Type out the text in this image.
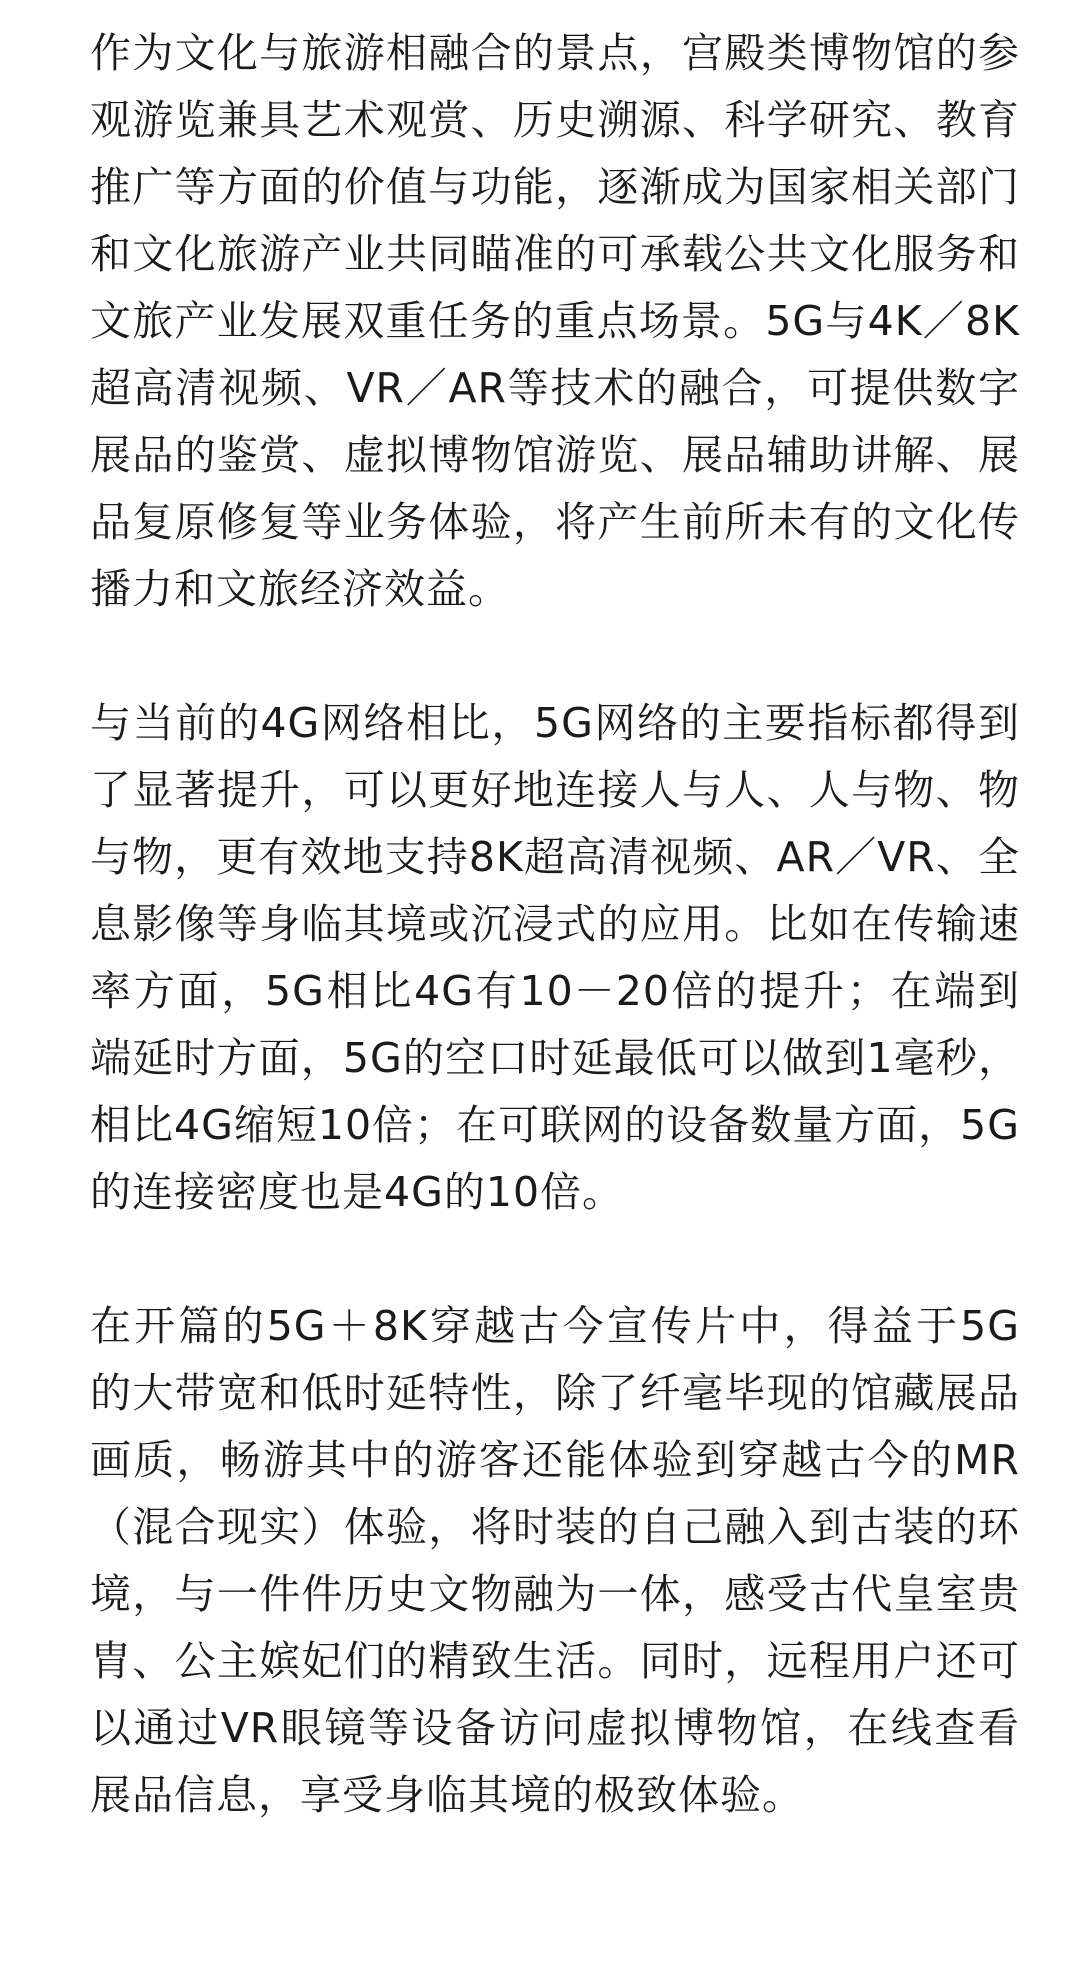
作为文化与旅游相融合的景点，宫殿类博物馆的参观游览兼具艺术观赏、历史溯源、科学研究、教育推广等方面的价值与功能，逐渐成为国家相关部门和文化旅游产业共同瞄准的可承载公共文化服务和文旅产业发展双重任务的重点场景。5G与4K／8K超高清视频、VR／AR等技术的融合，可提供数字展品的鉴赏、虚拟博物馆游览、展品辅助讲解、展品复原修复等业务体验，将产生前所未有的文化传播力和文旅经济效益。

与当前的4G网络相比，5G网络的主要指标都得到了显著提升，可以更好地连接人与人、人与物、物与物，更有效地支持8K超高清视频、AR／VR、全息影像等身临其境或沉浸式的应用。比如在传输速率方面，5G相比4G有10－20倍的提升；在端到端延时方面，5G的空口时延最低可以做到1毫秒，相比4G缩短10倍；在可联网的设备数量方面，5G的连接密度也是4G的10倍。

在开篇的5G＋8K穿越古今宣传片中，得益于5G的大带宽和低时延特性，除了纤毫毕现的馆藏展品画质，畅游其中的游客还能体验到穿越古今的MR（混合现实）体验，将时装的自己融入到古装的环境，与一件件历史文物融为一体，感受古代皇室贵胄、公主嫔妃们的精致生活。同时，远程用户还可以通过VR眼镜等设备访问虚拟博物馆，在线查看展品信息，享受身临其境的极致体验。
